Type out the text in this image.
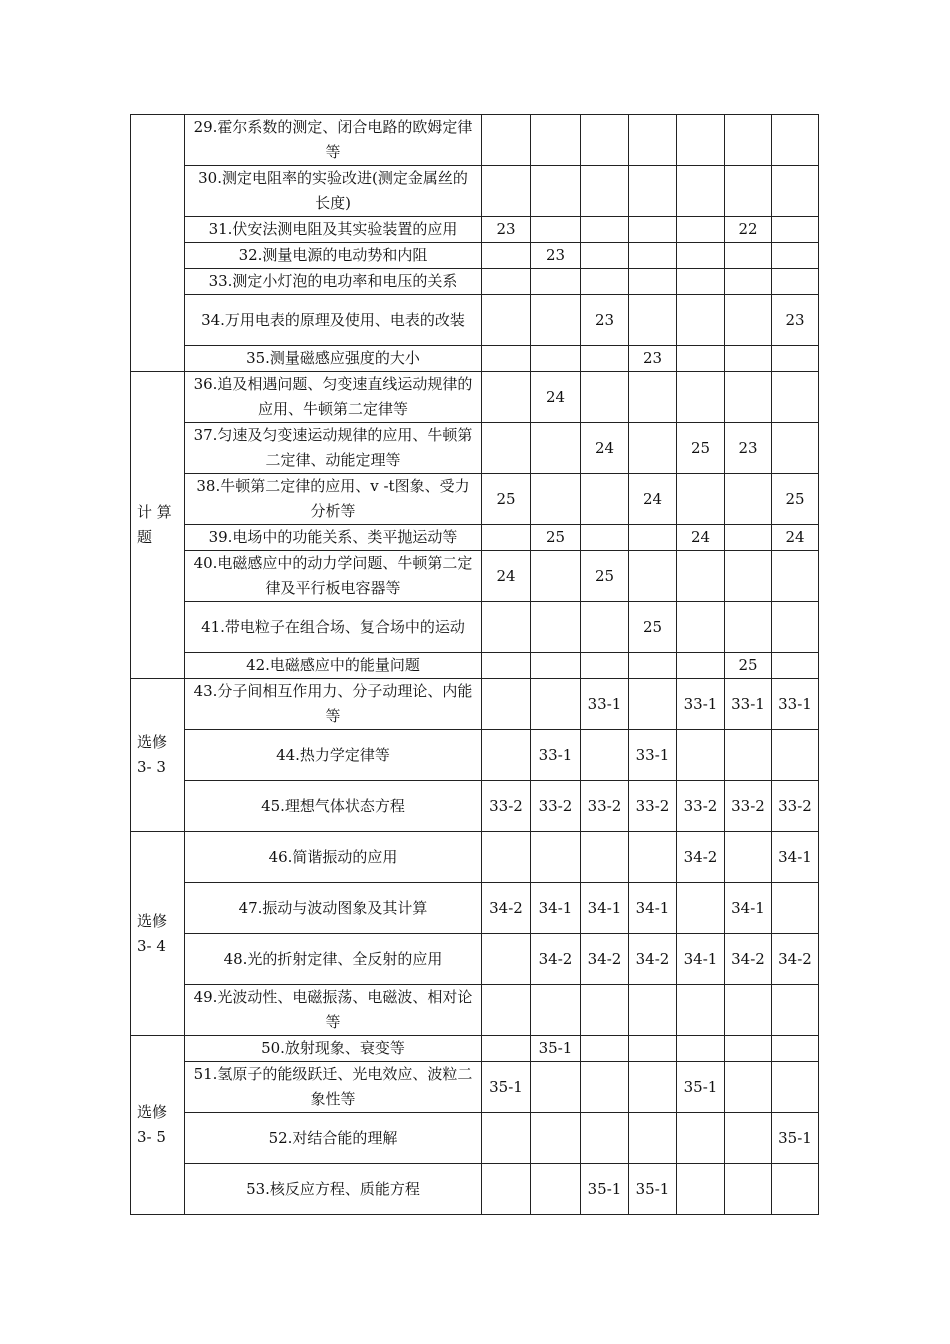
	29.霍尔系数的测定、闭合电路的欧姆定律等							
	30.测定电阻率的实验改进(测定金属丝的长度)							
	31.伏安法测电阻及其实验装置的应用	23					22	
	32.测量电源的电动势和内阻		23					
	33.测定小灯泡的电功率和电压的关系							
	34.万用电表的原理及使用、电表的改装			23				23
	35.测量磁感应强度的大小				23			
计 算题	36.追及相遇问题、匀变速直线运动规律的应用、牛顿第二定律等		24					
	37.匀速及匀变速运动规律的应用、牛顿第二定律、动能定理等			24		25	23	
	38.牛顿第二定律的应用、v -t图象、受力分析等	25			24			25
	39.电场中的功能关系、类平抛运动等		25			24		24
	40.电磁感应中的动力学问题、牛顿第二定律及平行板电容器等	24		25				
	41.带电粒子在组合场、复合场中的运动				25			
	42.电磁感应中的能量问题						25	
选修 3- 3	43.分子间相互作用力、分子动理论、内能等			33-1		33-1	33-1	33-1
	44.热力学定律等		33-1		33-1			
	45.理想气体状态方程	33-2	33-2	33-2	33-2	33-2	33-2	33-2
选修 3- 4	46.简谐振动的应用					34-2		34-1
	47.振动与波动图象及其计算	34-2	34-1	34-1	34-1		34-1	
	48.光的折射定律、全反射的应用		34-2	34-2	34-2	34-1	34-2	34-2
	49.光波动性、电磁振荡、电磁波、相对论等							
选修 3- 5	50.放射现象、衰变等		35-1					
	51.氢原子的能级跃迁、光电效应、波粒二象性等	35-1				35-1		
	52.对结合能的理解							35-1
	53.核反应方程、质能方程			35-1	35-1			
